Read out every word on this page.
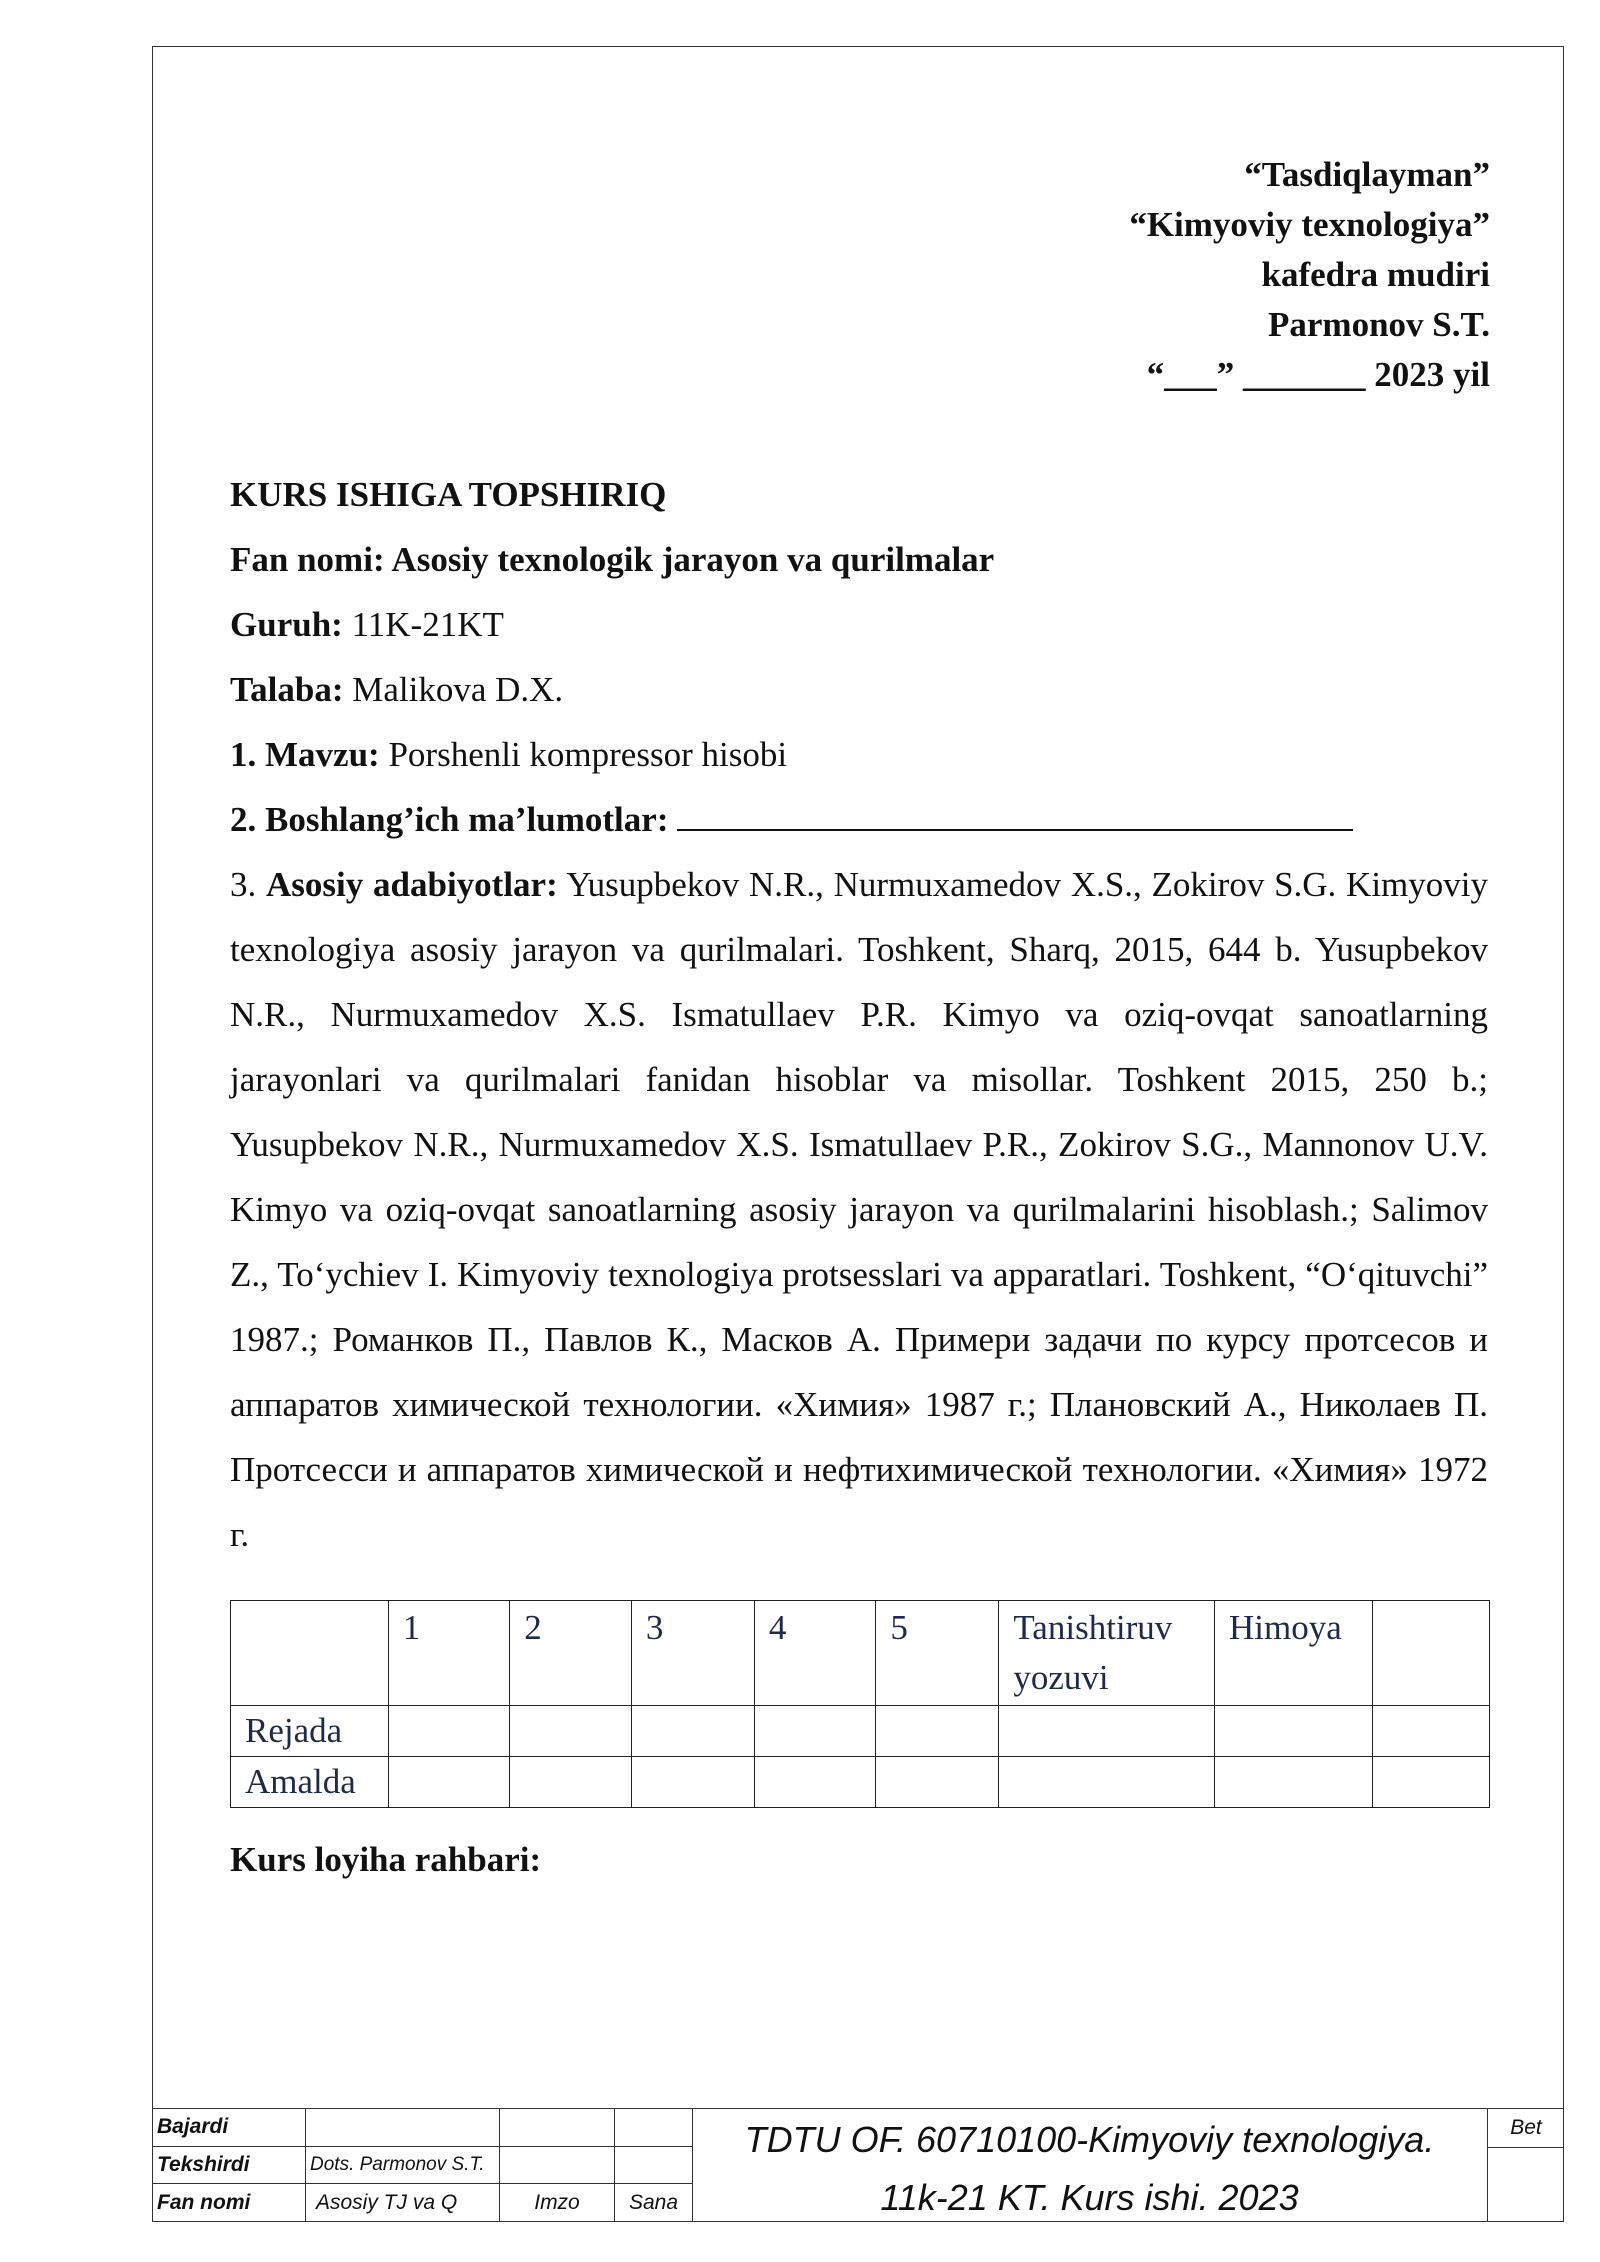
“Tasdiqlayman”
“Kimyoviy texnologiya”
kafedra mudiri
Parmonov S.T.
“___” _______ 2023 yil

KURS ISHIGA TOPSHIRIQ

Fan nomi: Asosiy texnologik jarayon va qurilmalar

Guruh: 11K-21KT

Talaba: Malikova D.X.

1. Mavzu: Porshenli kompressor hisobi

2. Boshlang’ich ma’lumotlar:

3. Asosiy adabiyotlar: Yusupbekov N.R., Nurmuxamedov X.S., Zokirov S.G. Kimyoviy texnologiya asosiy jarayon va qurilmalari. Toshkent, Sharq, 2015, 644 b. Yusupbekov N.R., Nurmuxamedov X.S. Ismatullaev P.R. Kimyo va oziq-ovqat sanoatlarning jarayonlari va qurilmalari fanidan hisoblar va misollar. Toshkent 2015, 250 b.; Yusupbekov N.R., Nurmuxamedov X.S. Ismatullaev P.R., Zokirov S.G., Mannonov U.V. Kimyo va oziq-ovqat sanoatlarning asosiy jarayon va qurilmalarini hisoblash.; Salimov Z., To‘ychiev I. Kimyoviy texnologiya protsesslari va apparatlari. Toshkent, “O‘qituvchi” 1987.; Романков П., Павлов К., Масков А. Примери задачи по курсу протсесов и аппаратов химической технологии. «Химия» 1987 г.; Плановский А., Николаев П. Протсесси и аппаратов химической и нефтихимической технологии. «Химия» 1972 г.

	1	2	3	4	5	Tanishtiruv yozuvi	Himoya	
Rejada								
Amalda								
Kurs loyiha rahbari:
Bajardi			
Tekshirdi	Dots. Parmonov S.T.		
Fan nomi	Asosiy TJ va Q	Imzo	Sana
TDTU OF. 60710100-Kimyoviy texnologiya.
11k-21 KT. Kurs ishi. 2023
Bet
